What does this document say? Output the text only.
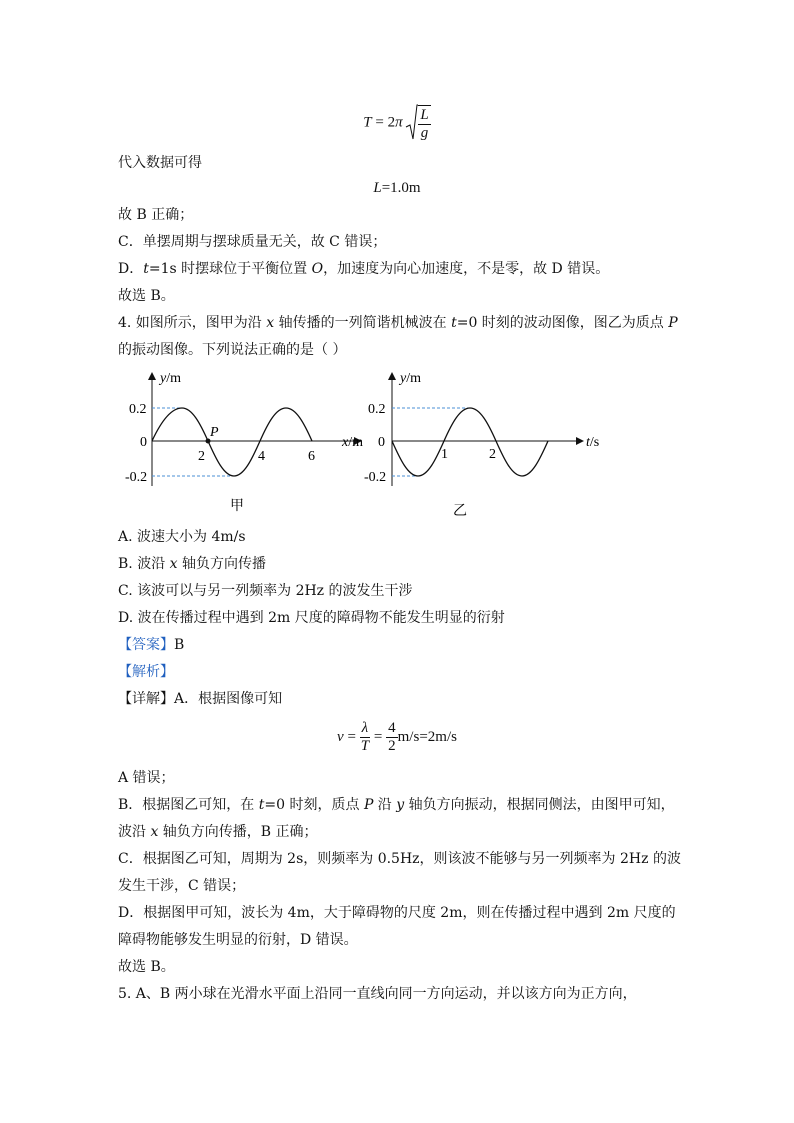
$T = 2\pi \frac{L}{g}$
代入数据可得
L=1.0m
故 B 正确；
C．单摆周期与摆球质量无关，故 C 错误；
D．t=1s 时摆球位于平衡位置 O，加速度为向心加速度，不是零，故 D 错误。
故选 B。
4. 如图所示，图甲为沿 x 轴传播的一列简谐机械波在 t=0 时刻的波动图像，图乙为质点 P
的振动图像。下列说法正确的是（ ）
y/m
x/m
0
0.2
-0.2
2	4	6
P
甲
y/m
t/s
0
0.2
-0.2
1	2
乙
A. 波速大小为 4m/s
B. 波沿 x 轴负方向传播
C. 该波可以与另一列频率为 2Hz 的波发生干涉
D. 波在传播过程中遇到 2m 尺度的障碍物不能发生明显的衍射
【答案】B
【解析】
【详解】A．根据图像可知
$v = \frac{\lambda}{T} = \frac{4}{2} m/s=2m/s$
A 错误；
B．根据图乙可知，在 t=0 时刻，质点 P 沿 y 轴负方向振动，根据同侧法，由图甲可知，
波沿 x 轴负方向传播，B 正确；
C．根据图乙可知，周期为 2s，则频率为 0.5Hz，则该波不能够与另一列频率为 2Hz 的波
发生干涉，C 错误；
D．根据图甲可知，波长为 4m，大于障碍物的尺度 2m，则在传播过程中遇到 2m 尺度的
障碍物能够发生明显的衍射，D 错误。
故选 B。
5. A、B 两小球在光滑水平面上沿同一直线向同一方向运动，并以该方向为正方向，
